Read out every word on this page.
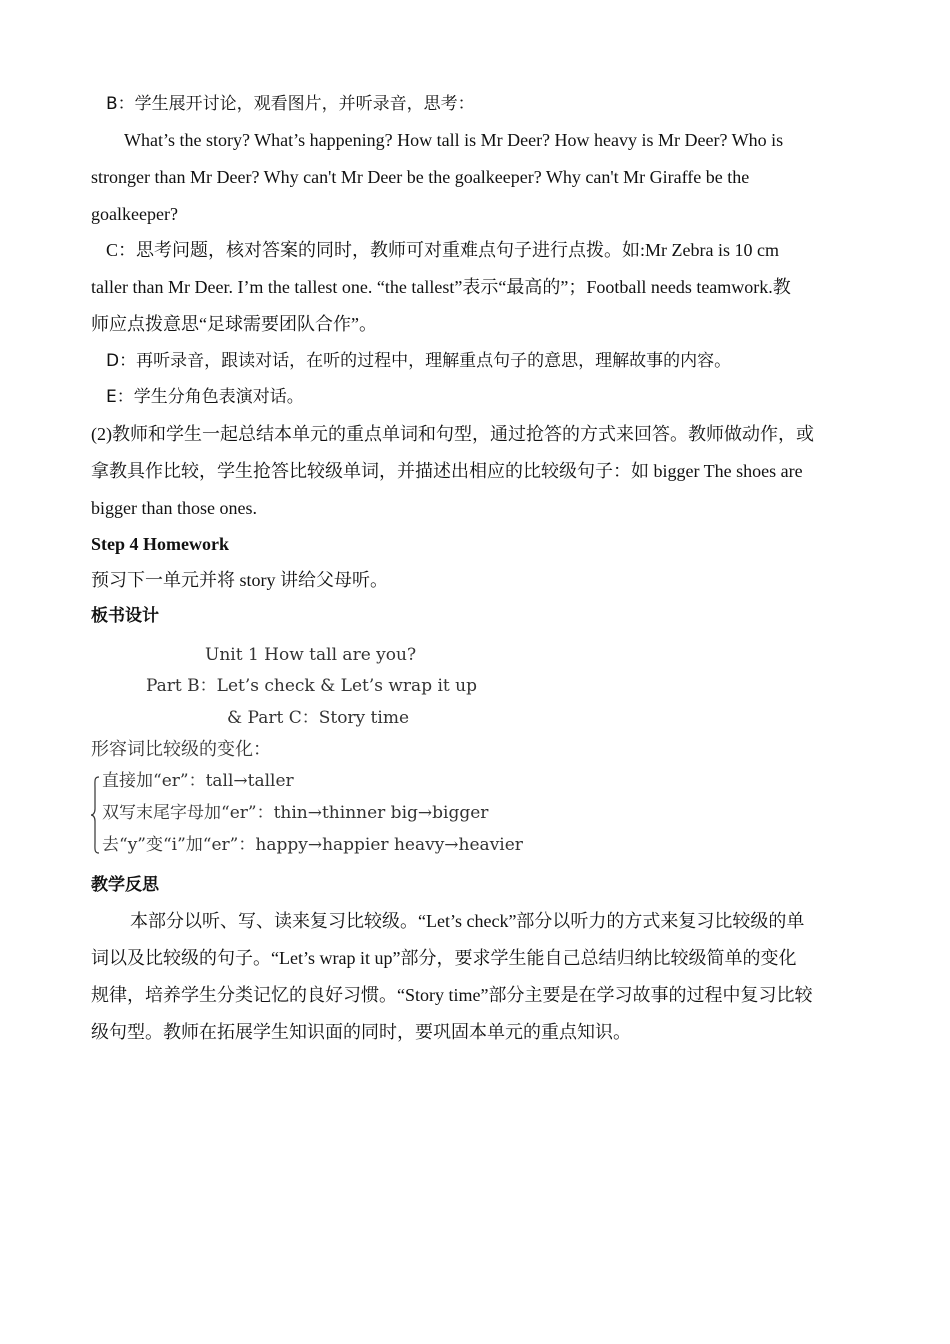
B：学生展开讨论，观看图片，并听录音，思考：
What’s the story? What’s happening? How tall is Mr Deer? How heavy is Mr Deer? Who is
stronger than Mr Deer? Why can't Mr Deer be the goalkeeper? Why can't Mr Giraffe be the
goalkeeper?
C：思考问题，核对答案的同时，教师可对重难点句子进行点拨。如:Mr Zebra is 10 cm
taller than Mr Deer. I’m the tallest one. “the tallest”表示“最高的”；Football needs teamwork.教
师应点拨意思“足球需要团队合作”。
D：再听录音，跟读对话，在听的过程中，理解重点句子的意思，理解故事的内容。
E：学生分角色表演对话。
(2)教师和学生一起总结本单元的重点单词和句型，通过抢答的方式来回答。教师做动作，或
拿教具作比较，学生抢答比较级单词，并描述出相应的比较级句子：如 bigger The shoes are
bigger than those ones.
Step 4 Homework
预习下一单元并将 story 讲给父母听。
板书设计
Unit 1 How tall are you?
Part B：Let’s check & Let’s wrap it up
& Part C：Story time
形容词比较级的变化：
直接加“er”：tall→taller
双写末尾字母加“er”：thin→thinner big→bigger
去“y”变“i”加“er”：happy→happier heavy→heavier
教学反思
本部分以听、写、读来复习比较级。“Let’s check”部分以听力的方式来复习比较级的单
词以及比较级的句子。“Let’s wrap it up”部分，要求学生能自己总结归纳比较级简单的变化
规律，培养学生分类记忆的良好习惯。“Story time”部分主要是在学习故事的过程中复习比较
级句型。教师在拓展学生知识面的同时，要巩固本单元的重点知识。
